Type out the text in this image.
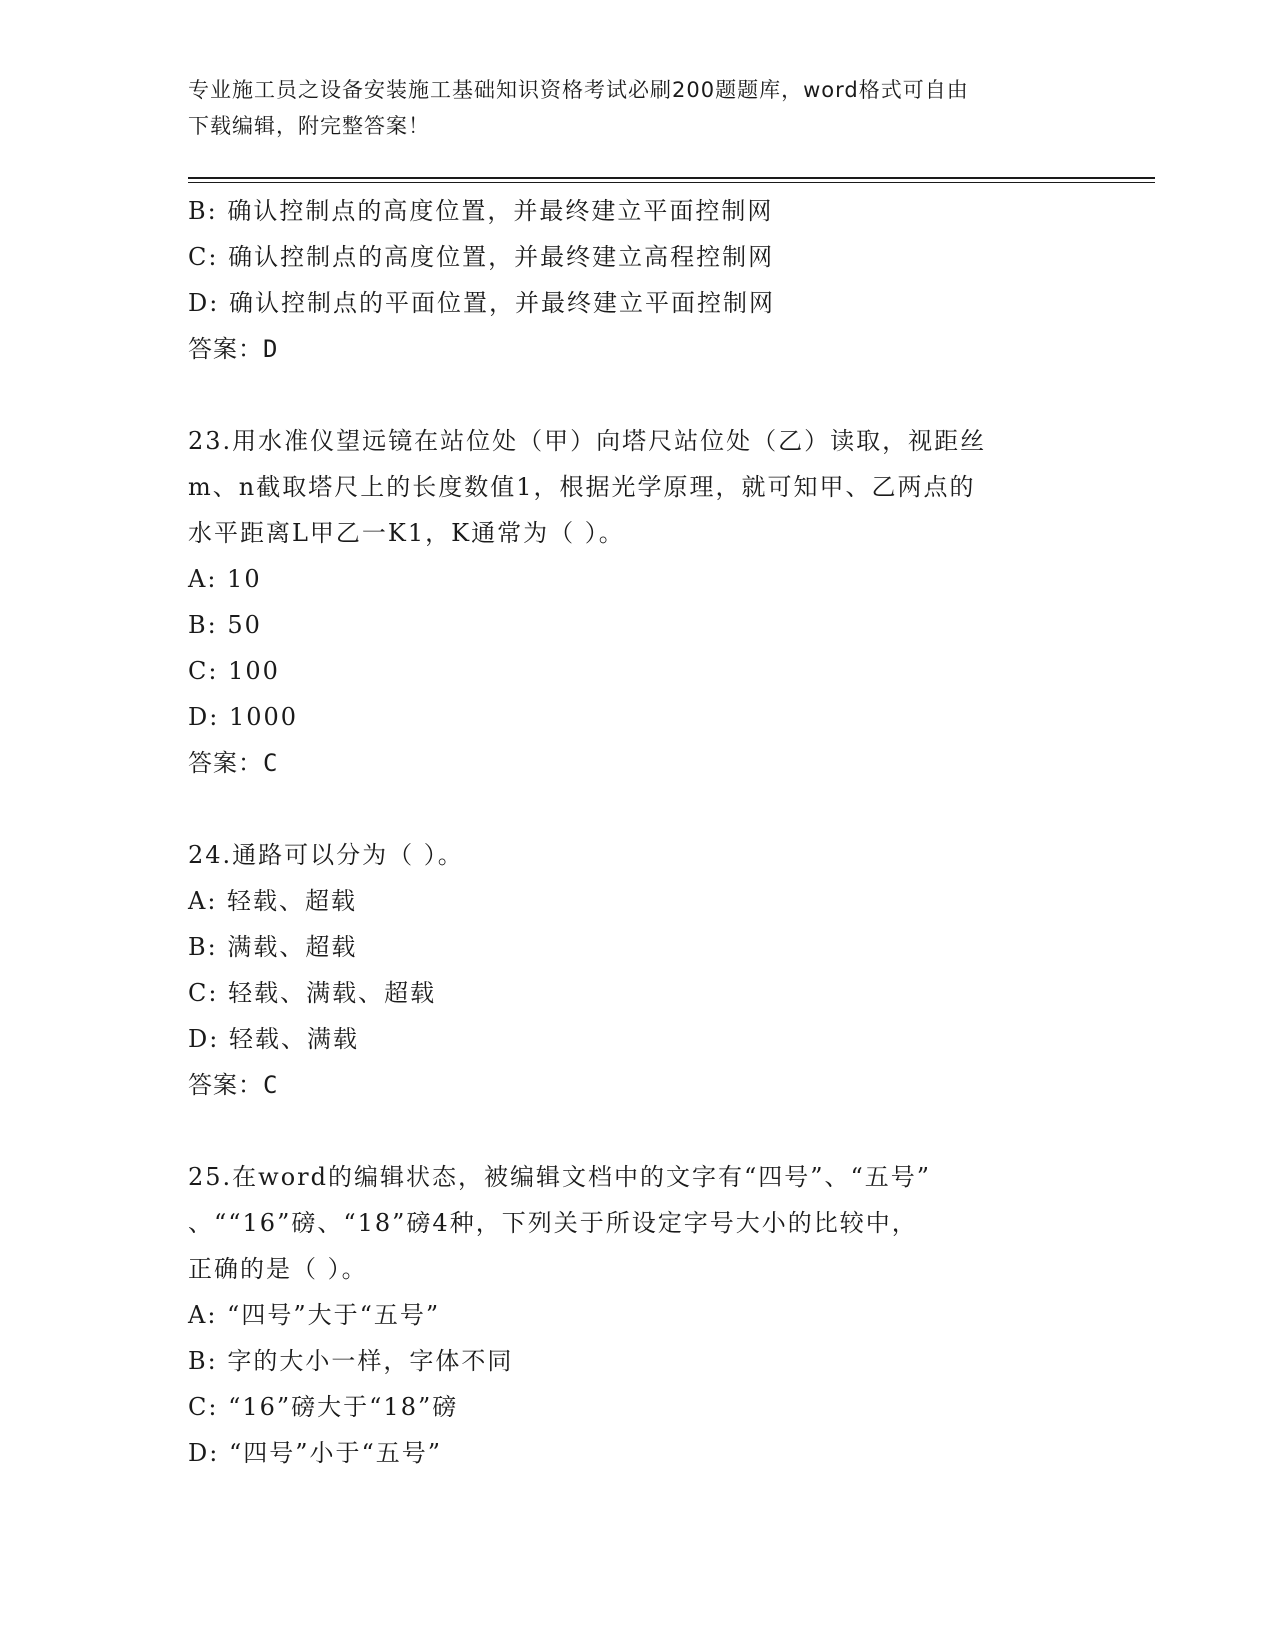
专业施工员之设备安装施工基础知识资格考试必刷200题题库，word格式可自由
下载编辑，附完整答案！
B: 确认控制点的高度位置，并最终建立平面控制网
C: 确认控制点的高度位置，并最终建立高程控制网
D: 确认控制点的平面位置，并最终建立平面控制网
答案：D
23.用水准仪望远镜在站位处（甲）向塔尺站位处（乙）读取，视距丝
m、n截取塔尺上的长度数值1，根据光学原理，就可知甲、乙两点的
水平距离L甲乙一K1，K通常为（ ）。
A: 10
B: 50
C: 100
D: 1000
答案：C
24.通路可以分为（ ）。
A: 轻载、超载
B: 满载、超载
C: 轻载、满载、超载
D: 轻载、满载
答案：C
25.在word的编辑状态，被编辑文档中的文字有“四号”、“五号”
、““16”磅、“18”磅4种，下列关于所设定字号大小的比较中，
正确的是（ ）。
A: “四号”大于“五号”
B: 字的大小一样，字体不同
C: “16”磅大于“18”磅
D: “四号”小于“五号”
